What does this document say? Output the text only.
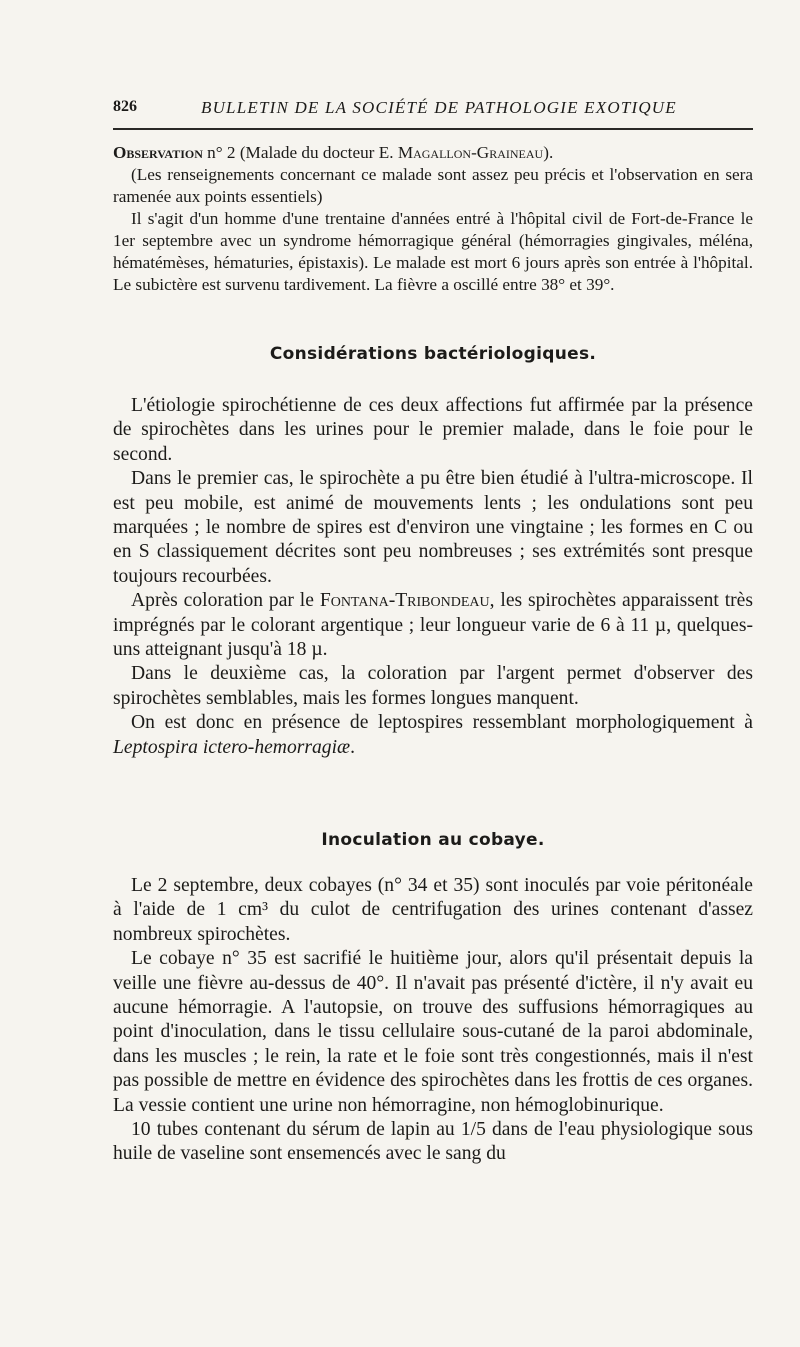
826	BULLETIN DE LA SOCIÉTÉ DE PATHOLOGIE EXOTIQUE

Observation n° 2 (Malade du docteur E. Magallon-Graineau).

(Les renseignements concernant ce malade sont assez peu précis et l'observation en sera ramenée aux points essentiels)

Il s'agit d'un homme d'une trentaine d'années entré à l'hôpital civil de Fort-de-France le 1er septembre avec un syndrome hémorragique général (hémorragies gingivales, méléna, hématémèses, hématuries, épistaxis). Le malade est mort 6 jours après son entrée à l'hôpital. Le subictère est survenu tardivement. La fièvre a oscillé entre 38° et 39°.

Considérations bactériologiques.

L'étiologie spirochétienne de ces deux affections fut affirmée par la présence de spirochètes dans les urines pour le premier malade, dans le foie pour le second.

Dans le premier cas, le spirochète a pu être bien étudié à l'ultra-microscope. Il est peu mobile, est animé de mouvements lents ; les ondulations sont peu marquées ; le nombre de spires est d'environ une vingtaine ; les formes en C ou en S classiquement décrites sont peu nombreuses ; ses extrémités sont presque toujours recourbées.

Après coloration par le Fontana-Tribondeau, les spirochètes apparaissent très imprégnés par le colorant argentique ; leur longueur varie de 6 à 11 µ, quelques-uns atteignant jusqu'à 18 µ.

Dans le deuxième cas, la coloration par l'argent permet d'observer des spirochètes semblables, mais les formes longues manquent.

On est donc en présence de leptospires ressemblant morphologiquement à Leptospira ictero-hemorragiæ.

Inoculation au cobaye.

Le 2 septembre, deux cobayes (n° 34 et 35) sont inoculés par voie péritonéale à l'aide de 1 cm³ du culot de centrifugation des urines contenant d'assez nombreux spirochètes.

Le cobaye n° 35 est sacrifié le huitième jour, alors qu'il présentait depuis la veille une fièvre au-dessus de 40°. Il n'avait pas présenté d'ictère, il n'y avait eu aucune hémorragie. A l'autopsie, on trouve des suffusions hémorragiques au point d'inoculation, dans le tissu cellulaire sous-cutané de la paroi abdominale, dans les muscles ; le rein, la rate et le foie sont très congestionnés, mais il n'est pas possible de mettre en évidence des spirochètes dans les frottis de ces organes. La vessie contient une urine non hémorragine, non hémoglobinurique.

10 tubes contenant du sérum de lapin au 1/5 dans de l'eau physiologique sous huile de vaseline sont ensemencés avec le sang du
